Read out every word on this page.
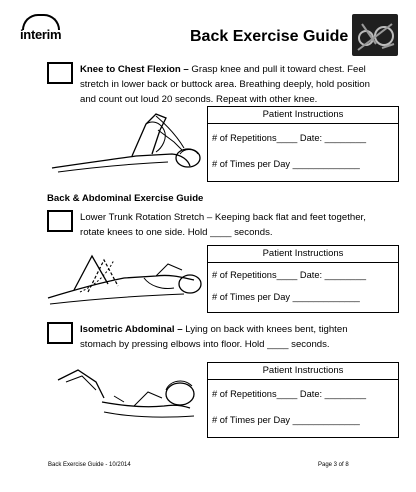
interim	Back Exercise Guide
Knee to Chest Flexion – Grasp knee and pull it toward chest. Feel
stretch in lower back or buttock area. Breathing deeply, hold position
and count out loud 20 seconds. Repeat with other knee.
Patient Instructions
# of Repetitions____ Date: ________
# of Times per Day _____________
Back & Abdominal Exercise Guide
Lower Trunk Rotation Stretch – Keeping back flat and feet together,
rotate knees to one side. Hold ____ seconds.
Patient Instructions
# of Repetitions____ Date: ________
# of Times per Day _____________
Isometric Abdominal – Lying on back with knees bent, tighten
stomach by pressing elbows into floor. Hold ____ seconds.
Patient Instructions
# of Repetitions____ Date: ________
# of Times per Day _____________
Back Exercise Guide - 10/2014	Page 3 of 8
